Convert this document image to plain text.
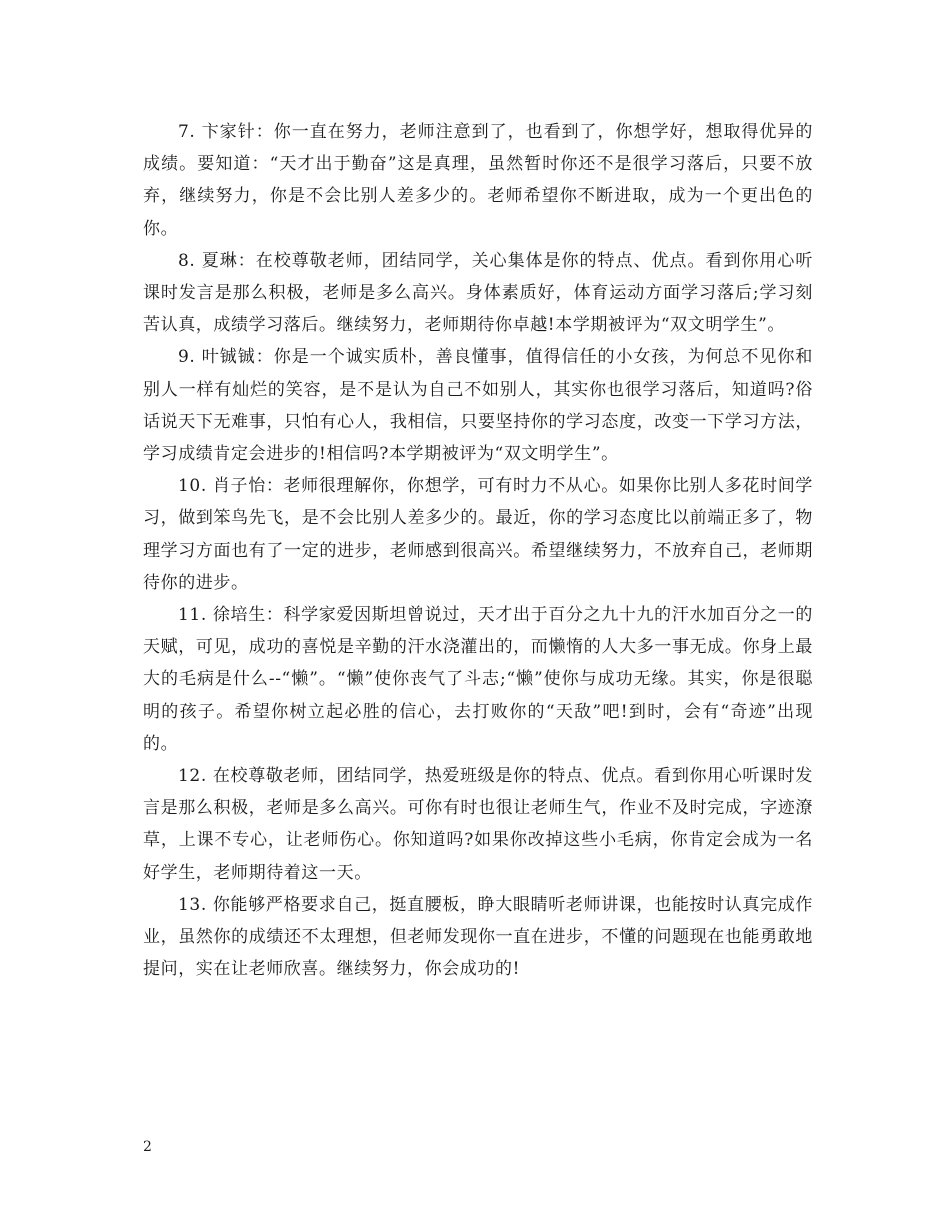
7. 卞家针：你一直在努力，老师注意到了，也看到了，你想学好，想取得优异的成绩。要知道：“天才出于勤奋”这是真理，虽然暂时你还不是很学习落后，只要不放弃，继续努力，你是不会比别人差多少的。老师希望你不断进取，成为一个更出色的你。

8. 夏琳：在校尊敬老师，团结同学，关心集体是你的特点、优点。看到你用心听课时发言是那么积极，老师是多么高兴。身体素质好，体育运动方面学习落后;学习刻苦认真，成绩学习落后。继续努力，老师期待你卓越!本学期被评为“双文明学生”。

9. 叶铖铖：你是一个诚实质朴，善良懂事，值得信任的小女孩，为何总不见你和别人一样有灿烂的笑容，是不是认为自己不如别人，其实你也很学习落后，知道吗?俗话说天下无难事，只怕有心人，我相信，只要坚持你的学习态度，改变一下学习方法，学习成绩肯定会进步的!相信吗?本学期被评为“双文明学生”。

10. 肖子怡：老师很理解你，你想学，可有时力不从心。如果你比别人多花时间学习，做到笨鸟先飞，是不会比别人差多少的。最近，你的学习态度比以前端正多了，物理学习方面也有了一定的进步，老师感到很高兴。希望继续努力，不放弃自己，老师期待你的进步。

11. 徐培生：科学家爱因斯坦曾说过，天才出于百分之九十九的汗水加百分之一的天赋，可见，成功的喜悦是辛勤的汗水浇灌出的，而懒惰的人大多一事无成。你身上最大的毛病是什么--“懒”。“懒”使你丧气了斗志;“懒”使你与成功无缘。其实，你是很聪明的孩子。希望你树立起必胜的信心，去打败你的“天敌”吧!到时，会有“奇迹”出现的。

12. 在校尊敬老师，团结同学，热爱班级是你的特点、优点。看到你用心听课时发言是那么积极，老师是多么高兴。可你有时也很让老师生气，作业不及时完成，字迹潦草，上课不专心，让老师伤心。你知道吗?如果你改掉这些小毛病，你肯定会成为一名好学生，老师期待着这一天。

13. 你能够严格要求自己，挺直腰板，睁大眼睛听老师讲课，也能按时认真完成作业，虽然你的成绩还不太理想，但老师发现你一直在进步，不懂的问题现在也能勇敢地提问，实在让老师欣喜。继续努力，你会成功的!

2
